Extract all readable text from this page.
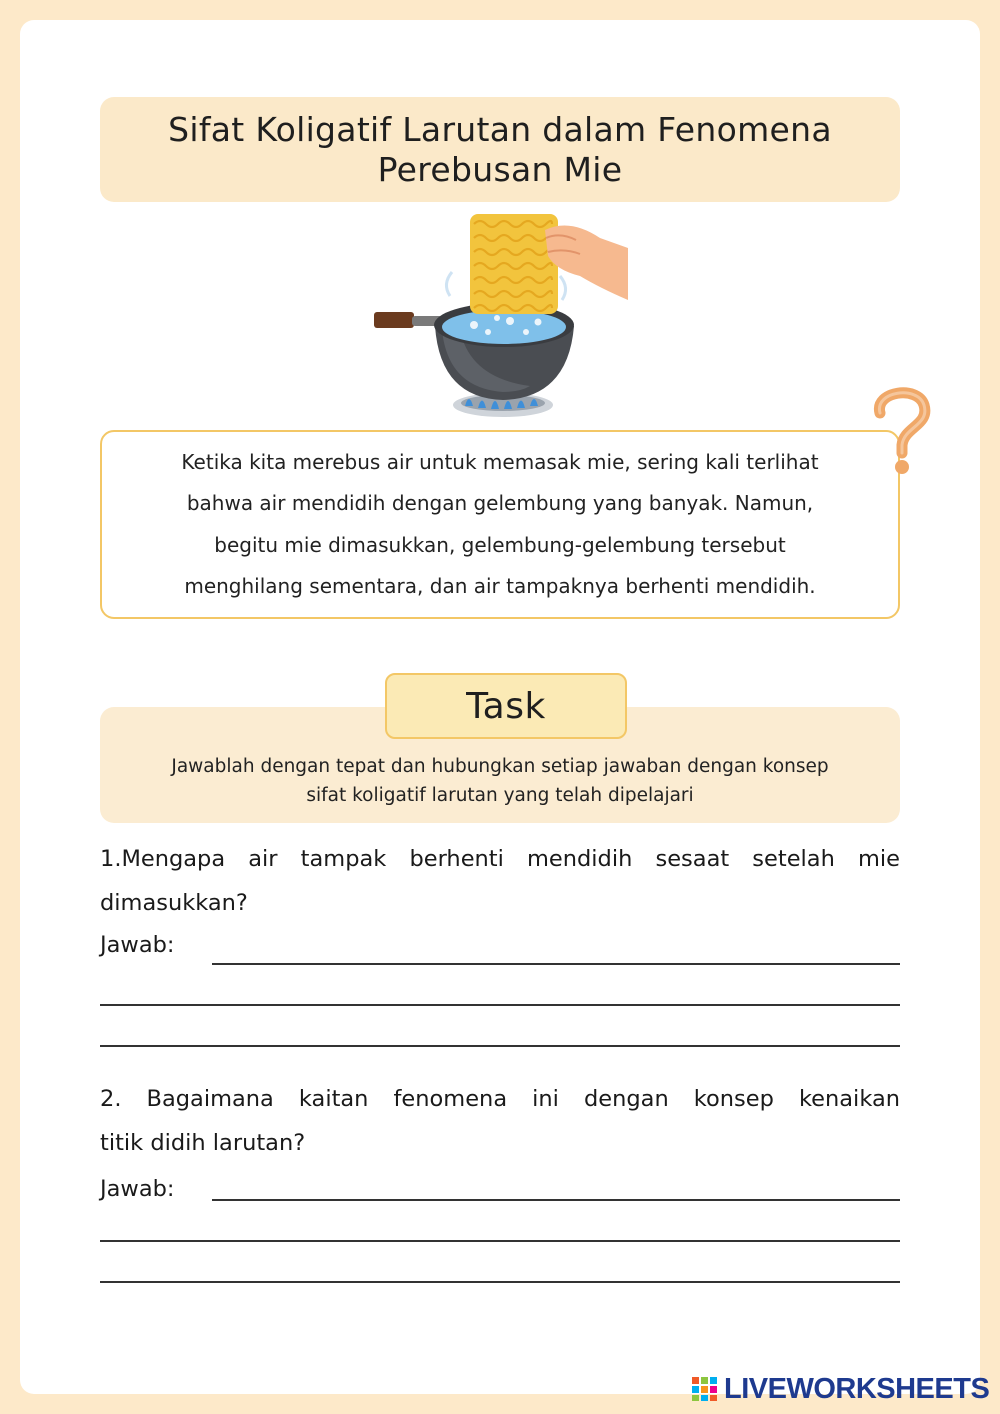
Sifat Koligatif Larutan dalam Fenomena
Perebusan Mie
Ketika kita merebus air untuk memasak mie, sering kali terlihat
bahwa air mendidih dengan gelembung yang banyak. Namun,
begitu mie dimasukkan, gelembung-gelembung tersebut
menghilang sementara, dan air tampaknya berhenti mendidih.
Task
Jawablah dengan tepat dan hubungkan setiap jawaban dengan konsep
sifat koligatif larutan yang telah dipelajari
1.Mengapa air tampak berhenti mendidih sesaat setelah mie
dimasukkan?
Jawab:
2. Bagaimana kaitan fenomena ini dengan konsep kenaikan
titik didih larutan?
Jawab:
LIVEWORKSHEETS
